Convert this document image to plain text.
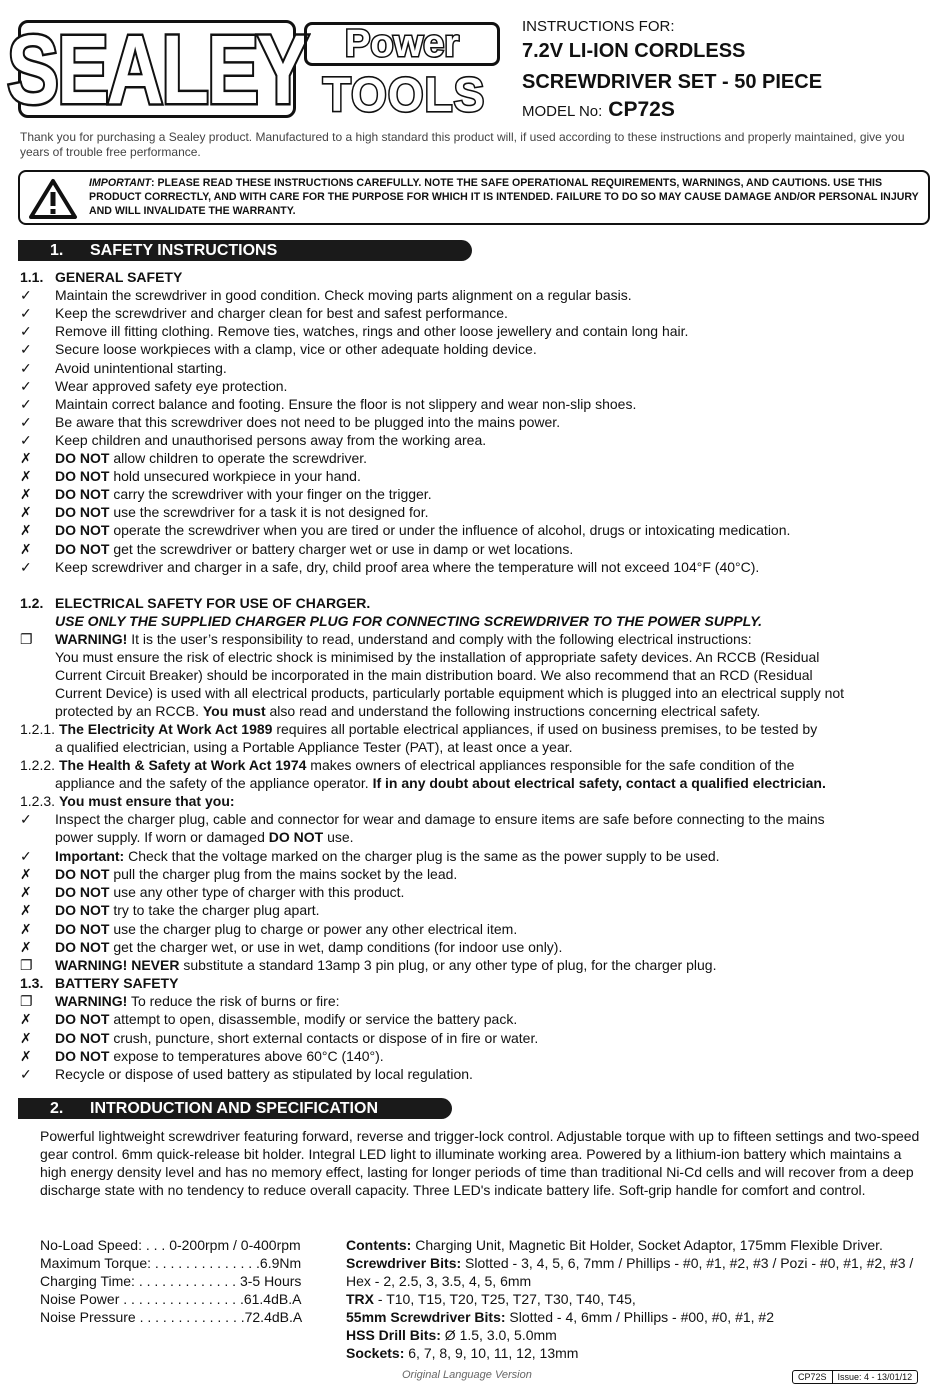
SEALEY Power
TOOLS
INSTRUCTIONS FOR:
7.2V LI-ION CORDLESS
SCREWDRIVER SET - 50 PIECE
MODEL No: CP72S
Thank you for purchasing a Sealey product. Manufactured to a high standard this product will, if used according to these instructions and properly maintained, give you years of trouble free performance.
IMPORTANT: PLEASE READ THESE INSTRUCTIONS CAREFULLY. NOTE THE SAFE OPERATIONAL REQUIREMENTS, WARNINGS, AND CAUTIONS. USE THIS PRODUCT CORRECTLY, AND WITH CARE FOR THE PURPOSE FOR WHICH IT IS INTENDED. FAILURE TO DO SO MAY CAUSE DAMAGE AND/OR PERSONAL INJURY AND WILL INVALIDATE THE WARRANTY.
1. SAFETY INSTRUCTIONS
1.1. GENERAL SAFETY
✓	Maintain the screwdriver in good condition. Check moving parts alignment on a regular basis.
✓	Keep the screwdriver and charger clean for best and safest performance.
✓	Remove ill fitting clothing. Remove ties, watches, rings and other loose jewellery and contain long hair.
✓	Secure loose workpieces with a clamp, vice or other adequate holding device.
✓	Avoid unintentional starting.
✓	Wear approved safety eye protection.
✓	Maintain correct balance and footing. Ensure the floor is not slippery and wear non-slip shoes.
✓	Be aware that this screwdriver does not need to be plugged into the mains power.
✓	Keep children and unauthorised persons away from the working area.
✗	DO NOT allow children to operate the screwdriver.
✗	DO NOT hold unsecured workpiece in your hand.
✗	DO NOT carry the screwdriver with your finger on the trigger.
✗	DO NOT use the screwdriver for a task it is not designed for.
✗	DO NOT operate the screwdriver when you are tired or under the influence of alcohol, drugs or intoxicating medication.
✗	DO NOT get the screwdriver or battery charger wet or use in damp or wet locations.
✓	Keep screwdriver and charger in a safe, dry, child proof area where the temperature will not exceed 104°F (40°C).
1.2. ELECTRICAL SAFETY FOR USE OF CHARGER.
USE ONLY THE SUPPLIED CHARGER PLUG FOR CONNECTING SCREWDRIVER TO THE POWER SUPPLY.
❐	WARNING! It is the user’s responsibility to read, understand and comply with the following electrical instructions:
You must ensure the risk of electric shock is minimised by the installation of appropriate safety devices. An RCCB (Residual
Current Circuit Breaker) should be incorporated in the main distribution board. We also recommend that an RCD (Residual
Current Device) is used with all electrical products, particularly portable equipment which is plugged into an electrical supply not
protected by an RCCB. You must also read and understand the following instructions concerning electrical safety.
1.2.1. The Electricity At Work Act 1989 requires all portable electrical appliances, if used on business premises, to be tested by
a qualified electrician, using a Portable Appliance Tester (PAT), at least once a year.
1.2.2. The Health & Safety at Work Act 1974 makes owners of electrical appliances responsible for the safe condition of the
appliance and the safety of the appliance operator. If in any doubt about electrical safety, contact a qualified electrician.
1.2.3. You must ensure that you:
✓	Inspect the charger plug, cable and connector for wear and damage to ensure items are safe before connecting to the mains
power supply. If worn or damaged DO NOT use.
✓	Important: Check that the voltage marked on the charger plug is the same as the power supply to be used.
✗	DO NOT pull the charger plug from the mains socket by the lead.
✗	DO NOT use any other type of charger with this product.
✗	DO NOT try to take the charger plug apart.
✗	DO NOT use the charger plug to charge or power any other electrical item.
✗	DO NOT get the charger wet, or use in wet, damp conditions (for indoor use only).
❐	WARNING! NEVER substitute a standard 13amp 3 pin plug, or any other type of plug, for the charger plug.
1.3. BATTERY SAFETY
❐	WARNING! To reduce the risk of burns or fire:
✗	DO NOT attempt to open, disassemble, modify or service the battery pack.
✗	DO NOT crush, puncture, short external contacts or dispose of in fire or water.
✗	DO NOT expose to temperatures above 60°C (140°).
✓	Recycle or dispose of used battery as stipulated by local regulation.
2. INTRODUCTION AND SPECIFICATION
Powerful lightweight screwdriver featuring forward, reverse and trigger-lock control. Adjustable torque with up to fifteen settings and two-speed gear control. 6mm quick-release bit holder. Integral LED light to illuminate working area. Powered by a lithium-ion battery which maintains a high energy density level and has no memory effect, lasting for longer periods of time than traditional Ni-Cd cells and will recover from a deep discharge state with no tendency to reduce overall capacity. Three LED's indicate battery life. Soft-grip handle for comfort and control.
No-Load Speed: . . . 0-200rpm / 0-400rpm
Maximum Torque: . . . . . . . . . . . . . .6.9Nm
Charging Time: . . . . . . . . . . . . . 3-5 Hours
Noise Power . . . . . . . . . . . . . . . .61.4dB.A
Noise Pressure . . . . . . . . . . . . . .72.4dB.A
Contents: Charging Unit, Magnetic Bit Holder, Socket Adaptor, 175mm Flexible Driver.
Screwdriver Bits: Slotted - 3, 4, 5, 6, 7mm / Phillips - #0, #1, #2, #3 / Pozi - #0, #1, #2, #3 / Hex - 2, 2.5, 3, 3.5, 4, 5, 6mm
TRX - T10, T15, T20, T25, T27, T30, T40, T45,
55mm Screwdriver Bits: Slotted - 4, 6mm / Phillips - #00, #0, #1, #2
HSS Drill Bits: Ø 1.5, 3.0, 5.0mm
Sockets: 6, 7, 8, 9, 10, 11, 12, 13mm
Original Language Version	CP72S	Issue: 4 - 13/01/12
